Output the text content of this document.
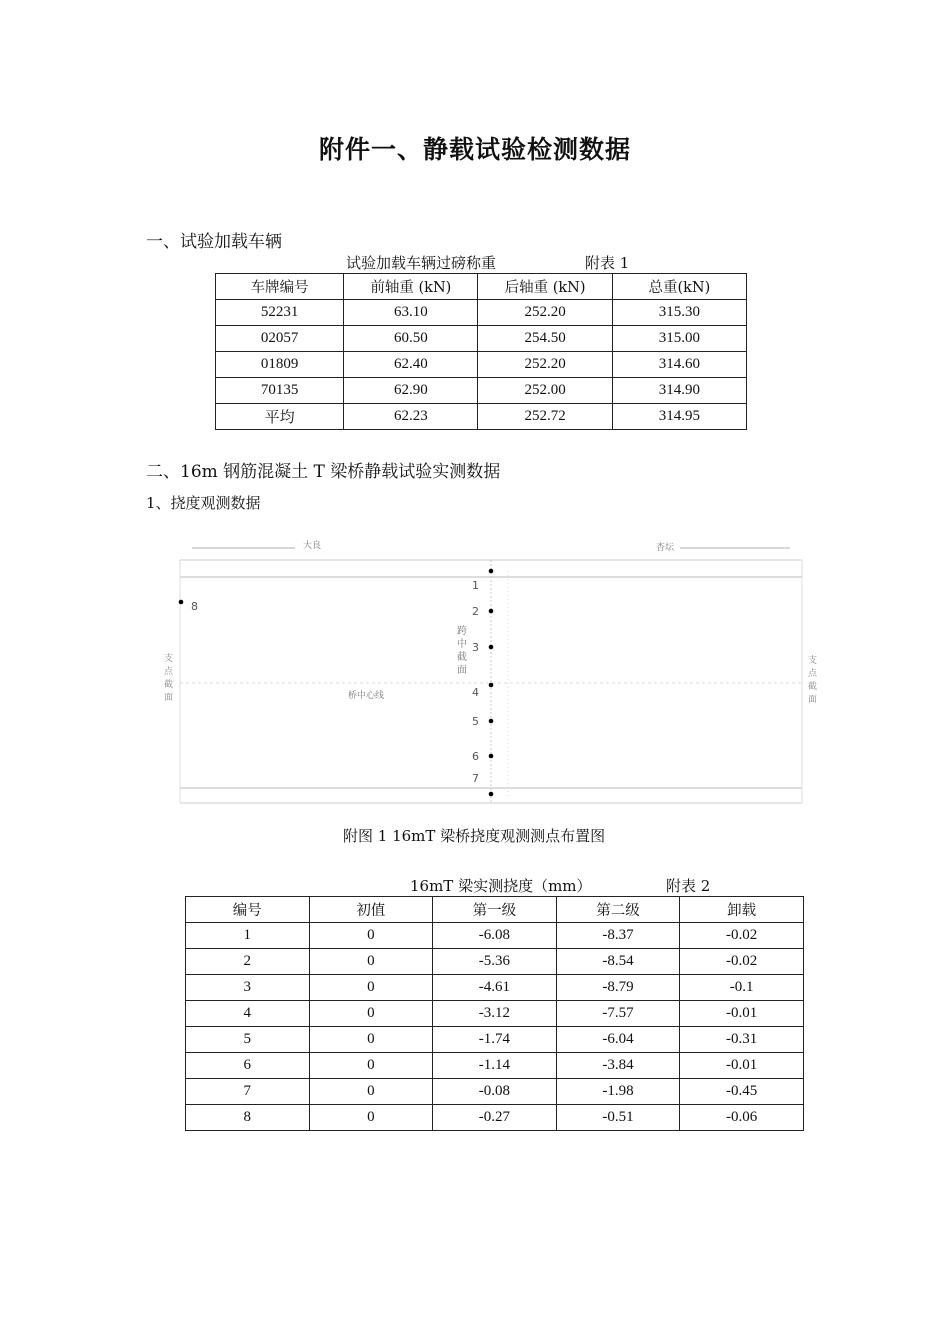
附件一、静载试验检测数据
一、试验加载车辆
试验加载车辆过磅称重	附表 1
车牌编号	前轴重 (kN)	后轴重 (kN)	总重(kN)
52231	63.10	252.20	315.30
02057	60.50	254.50	315.00
01809	62.40	252.20	314.60
70135	62.90	252.00	314.90
平均	62.23	252.72	314.95
二、16m 钢筋混凝土 T 梁桥静载试验实测数据
1、挠度观测数据
大良	杏坛
桥中心线
跨
中
截
面
支
点
截
面
支
点
截
面
1
2
3
4
5
6
7
8
附图 1 16mT 梁桥挠度观测测点布置图
16mT 梁实测挠度（mm）	附表 2
编号	初值	第一级	第二级	卸载
1	0	-6.08	-8.37	-0.02
2	0	-5.36	-8.54	-0.02
3	0	-4.61	-8.79	-0.1
4	0	-3.12	-7.57	-0.01
5	0	-1.74	-6.04	-0.31
6	0	-1.14	-3.84	-0.01
7	0	-0.08	-1.98	-0.45
8	0	-0.27	-0.51	-0.06
